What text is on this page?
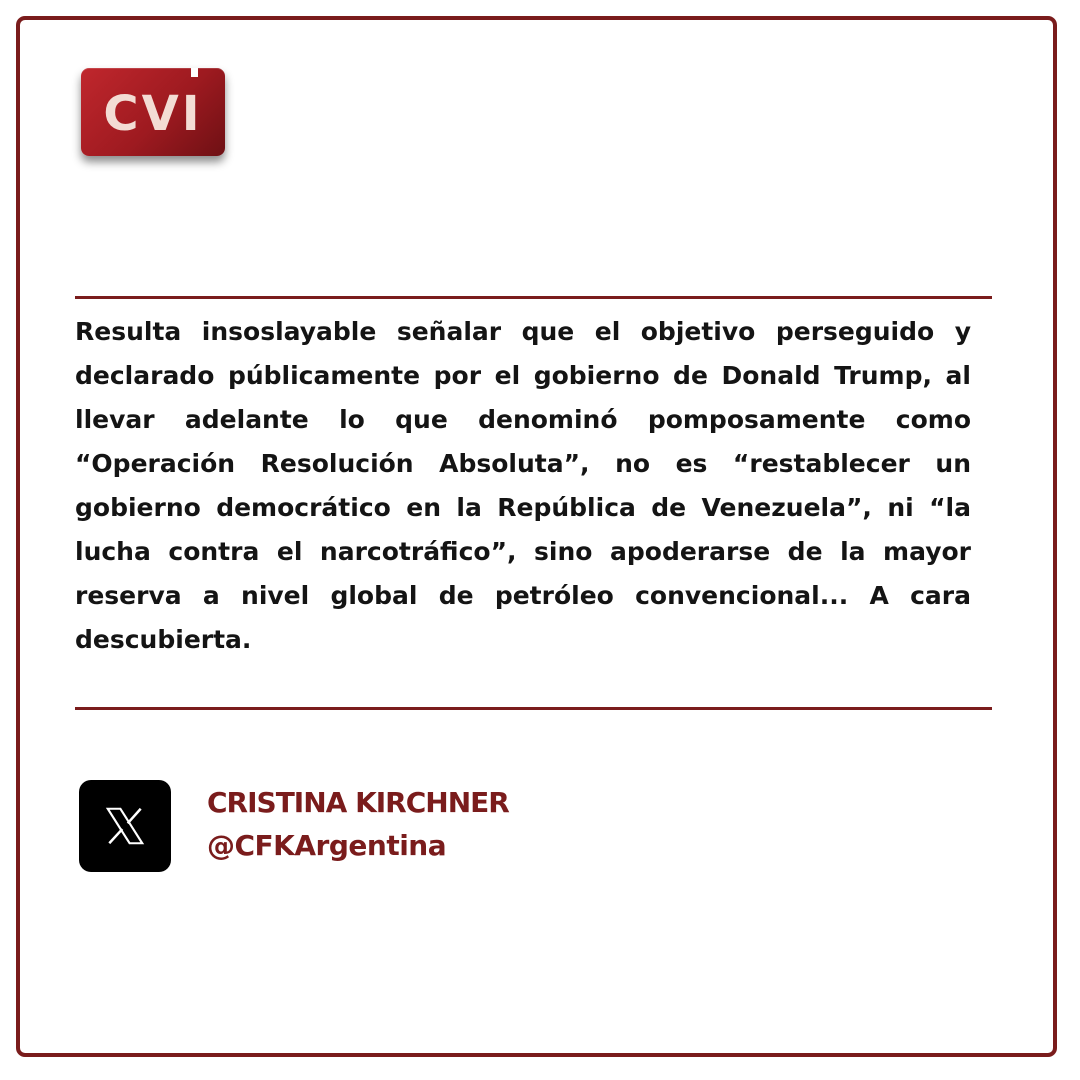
CVI

Resulta insoslayable señalar que el objetivo perseguido y declarado públicamente por el gobierno de Donald Trump, al llevar adelante lo que denominó pomposamente como “Operación Resolución Absoluta”, no es “restablecer un gobierno democrático en la República de Venezuela”, ni “la lucha contra el narcotráfico”, sino apoderarse de la mayor reserva a nivel global de petróleo convencional... A cara descubierta.

CRISTINA KIRCHNER
@CFKArgentina
